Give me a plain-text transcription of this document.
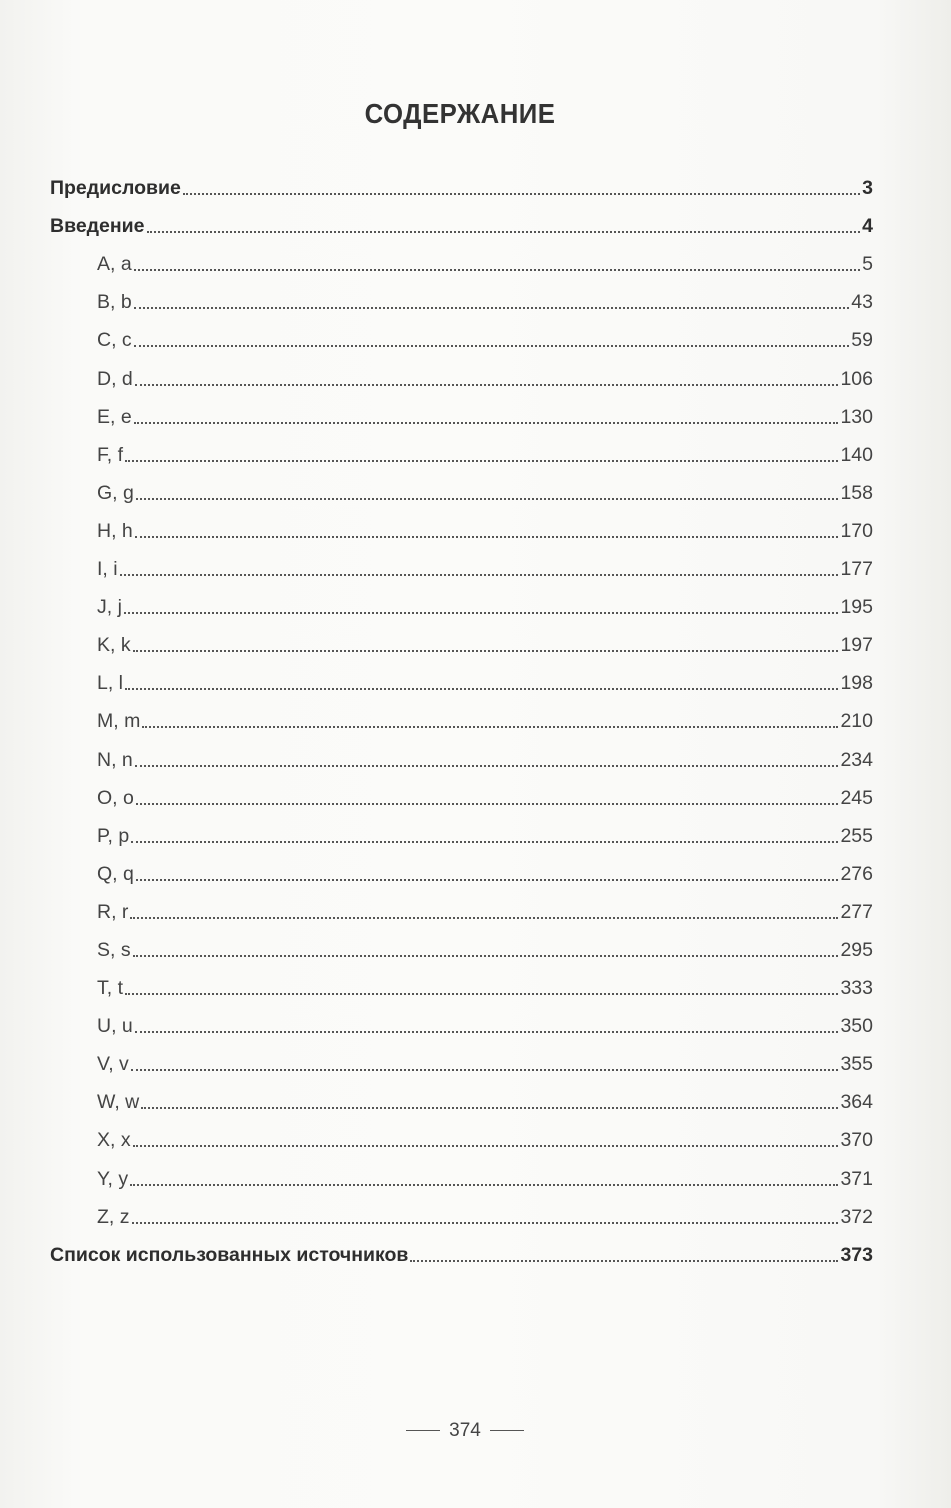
СОДЕРЖАНИЕ
Предисловие	3
Введение	4
A, a	5
B, b	43
C, c	59
D, d	106
E, e	130
F, f	140
G, g	158
H, h	170
I, i	177
J, j	195
K, k	197
L, l	198
M, m	210
N, n	234
O, o	245
P, p	255
Q, q	276
R, r	277
S, s	295
T, t	333
U, u	350
V, v	355
W, w	364
X, x	370
Y, y	371
Z, z	372
Список использованных источников	373
374
